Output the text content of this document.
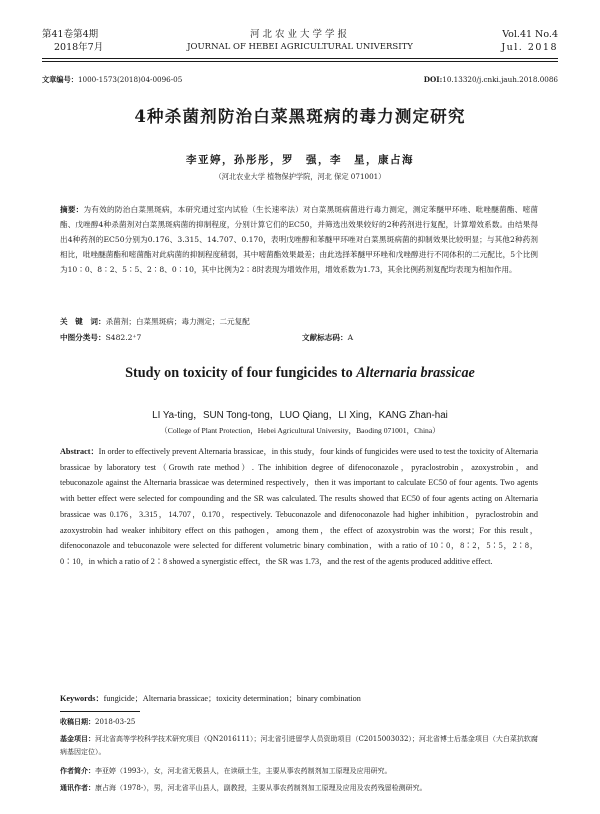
第41卷第4期
2018年7月
河北农业大学学报
JOURNAL OF HEBEI AGRICULTURAL UNIVERSITY
Vol.41 No.4
Jul. 2018
文章编号：1000-1573(2018)04-0096-05	DOI:10.13320/j.cnki.jauh.2018.0086
4种杀菌剂防治白菜黑斑病的毒力测定研究
李亚婷，孙彤彤，罗　强，李　星，康占海
（河北农业大学 植物保护学院，河北 保定 071001）
摘要：为有效的防治白菜黑斑病，本研究通过室内试验（生长速率法）对白菜黑斑病菌进行毒力测定，测定苯醚甲环唑、吡唑醚菌酯、嘧菌酯、戊唑醇4种杀菌剂对白菜黑斑病菌的抑制程度，分别计算它们的EC50，并筛选出效果较好的2种药剂进行复配，计算增效系数。由结果得出4种药剂的EC50分别为0.176、3.315、14.707、0.170，表明戊唑醇和苯醚甲环唑对白菜黑斑病菌的抑制效果比较明显；与其他2种药剂相比，吡唑醚菌酯和嘧菌酯对此病菌的抑制程度稍弱，其中嘧菌酯效果最差；由此选择苯醚甲环唑和戊唑醇进行不同体积的二元配比，5个比例为10∶0、8∶2、5∶5、2∶8、0∶10，其中比例为2∶8时表现为增效作用，增效系数为1.73，其余比例药剂复配均表现为相加作用。
关　键　词：杀菌剂；白菜黑斑病；毒力测定；二元复配
中图分类号：S482.2⁺7	文献标志码：A
Study on toxicity of four fungicides to Alternaria brassicae
LI Ya-ting，SUN Tong-tong，LUO Qiang，LI Xing，KANG Zhan-hai
（College of Plant Protection，Hebei Agricultural University，Baoding 071001，China）
Abstract：In order to effectively prevent Alternaria brassicae，in this study，four kinds of fungicides were used to test the toxicity of Alternaria brassicae by laboratory test（Growth rate method）. The inhibition degree of difenoconazole，pyraclostrobin，azoxystrobin，and tebuconazole against the Alternaria brassicae was determined respectively，then it was important to calculate EC50 of four agents. Two agents with better effect were selected for compounding and the SR was calculated. The results showed that EC50 of four agents acting on Alternaria brassicae was 0.176，3.315，14.707，0.170，respectively. Tebuconazole and difenoconazole had higher inhibition，pyraclostrobin and azoxystrobin had weaker inhibitory effect on this pathogen，among them，the effect of azoxystrobin was the worst；For this result，difenoconazole and tebuconazole were selected for different volumetric binary combination，with a ratio of 10∶0，8∶2，5∶5，2∶8，0∶10，in which a ratio of 2∶8 showed a synergistic effect，the SR was 1.73，and the rest of the agents produced additive effect.
Keywords：fungicide；Alternaria brassicae；toxicity determination；binary combination
收稿日期：2018-03-25
基金项目：河北省高等学校科学技术研究项目（QN2016111）；河北省引进留学人员资助项目（C2015003032）；河北省博士后基金项目（大白菜抗软腐病基因定位）。
作者简介：李亚婷（1993-），女，河北省无极县人，在读硕士生，主要从事农药制剂加工原理及应用研究。
通讯作者：康占海（1978-），男，河北省平山县人，副教授，主要从事农药制剂加工原理及应用及农药残留检测研究。
